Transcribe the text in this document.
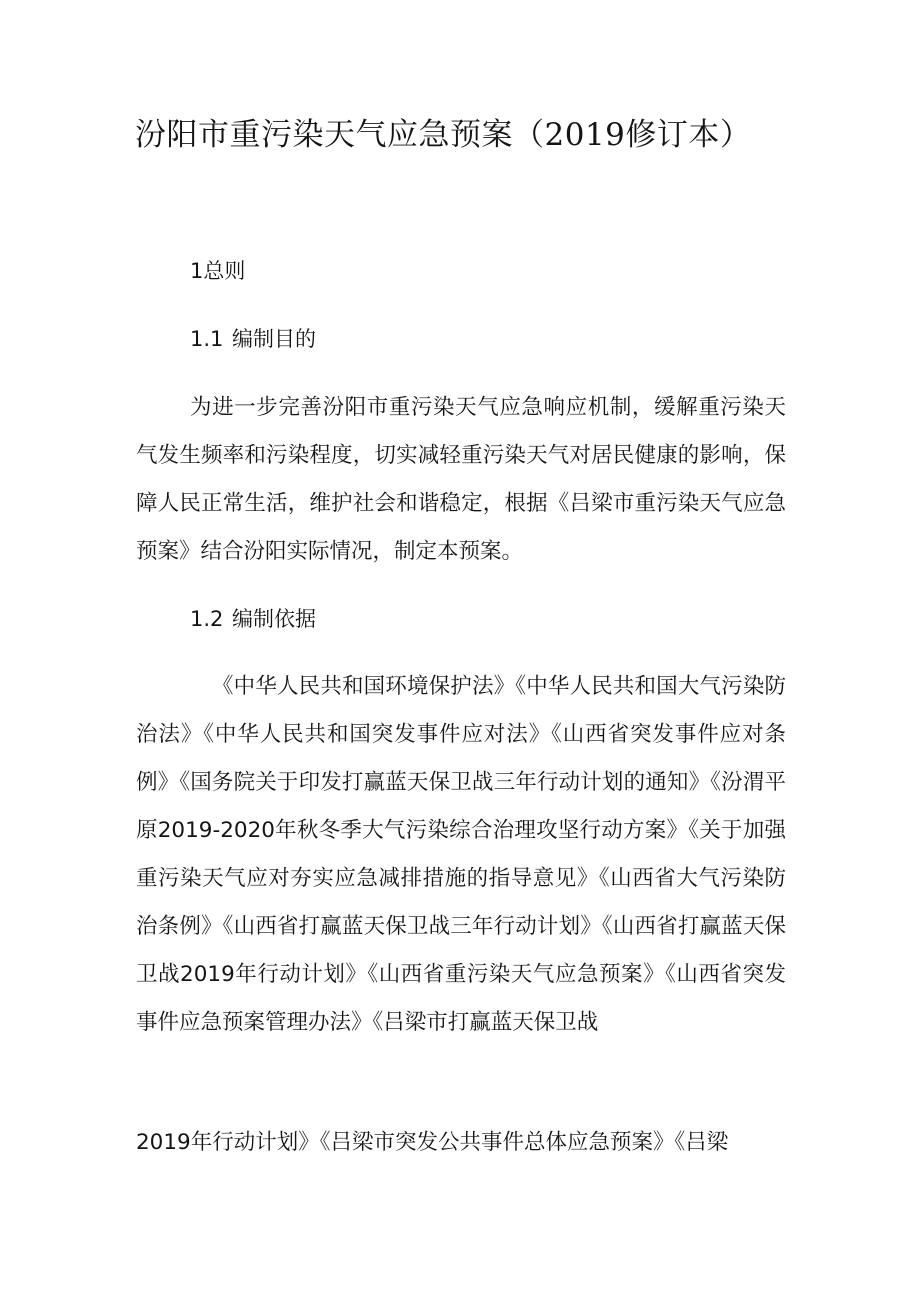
汾阳市重污染天气应急预案（2019修订本）
1总则
1.1 编制目的
为进一步完善汾阳市重污染天气应急响应机制，缓解重污染天气发生频率和污染程度，切实减轻重污染天气对居民健康的影响，保障人民正常生活，维护社会和谐稳定，根据《吕梁市重污染天气应急预案》结合汾阳实际情况，制定本预案。
1.2 编制依据
《中华人民共和国环境保护法》《中华人民共和国大气污染防治法》《中华人民共和国突发事件应对法》《山西省突发事件应对条例》《国务院关于印发打赢蓝天保卫战三年行动计划的通知》《汾渭平原2019-2020年秋冬季大气污染综合治理攻坚行动方案》《关于加强重污染天气应对夯实应急减排措施的指导意见》《山西省大气污染防治条例》《山西省打赢蓝天保卫战三年行动计划》《山西省打赢蓝天保卫战2019年行动计划》《山西省重污染天气应急预案》《山西省突发事件应急预案管理办法》《吕梁市打赢蓝天保卫战
2019年行动计划》《吕梁市突发公共事件总体应急预案》《吕梁
